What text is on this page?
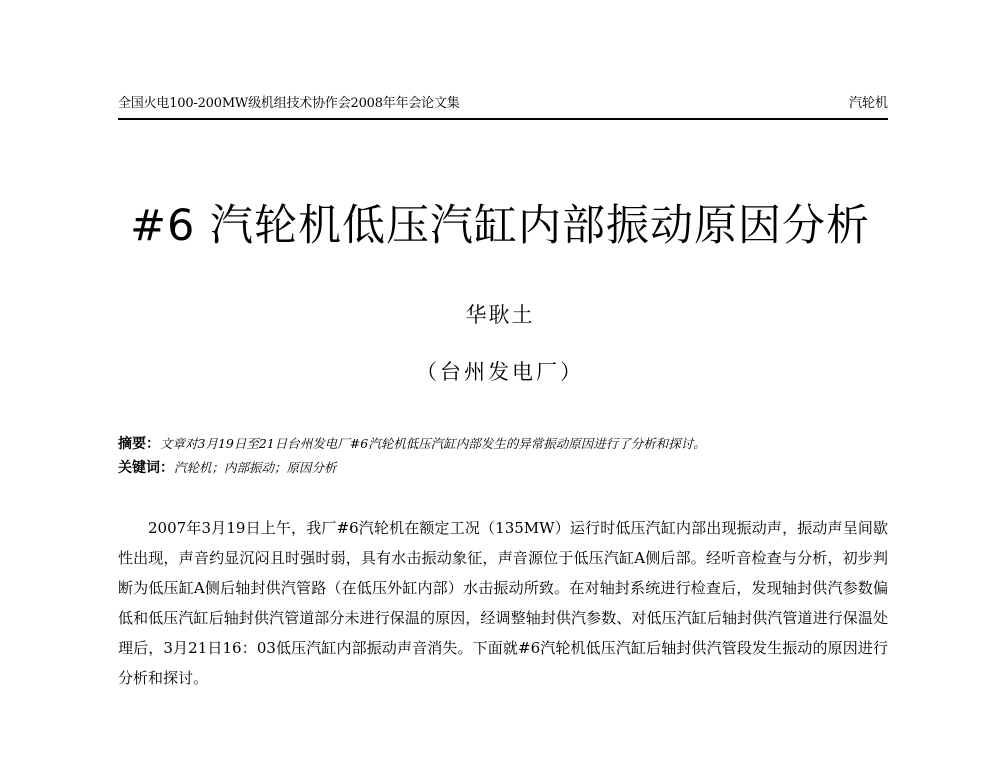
全国火电100-200MW级机组技术协作会2008年年会论文集	汽轮机
#6 汽轮机低压汽缸内部振动原因分析
华耿土
（台州发电厂）
摘要：文章对3月19日至21日台州发电厂#6汽轮机低压汽缸内部发生的异常振动原因进行了分析和探讨。
关键词：汽轮机；内部振动；原因分析

2007年3月19日上午，我厂#6汽轮机在额定工况（135MW）运行时低压汽缸内部出现振动声，振动声呈间歇性出现，声音约显沉闷且时强时弱，具有水击振动象征，声音源位于低压汽缸A侧后部。经听音检查与分析，初步判断为低压缸A侧后轴封供汽管路（在低压外缸内部）水击振动所致。在对轴封系统进行检查后，发现轴封供汽参数偏低和低压汽缸后轴封供汽管道部分未进行保温的原因，经调整轴封供汽参数、对低压汽缸后轴封供汽管道进行保温处理后，3月21日16：03低压汽缸内部振动声音消失。下面就#6汽轮机低压汽缸后轴封供汽管段发生振动的原因进行分析和探讨。
